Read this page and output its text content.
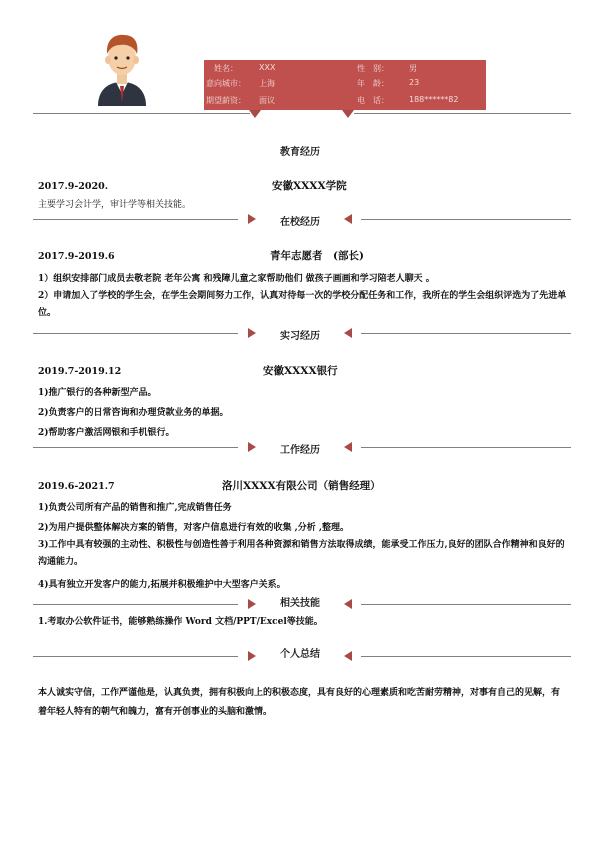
姓名：	XXX	性　别：	男
意向城市： 上海	年　龄：	23
期望薪资： 面议	电　话：	188******82
教育经历
2017.9-2020.	安徽XXXX学院
主要学习会计学，审计学等相关技能。
在校经历
2017.9-2019.6	青年志愿者　(部长)
1）组织安排部门成员去敬老院 老年公寓 和残障儿童之家帮助他们 做孩子画画和学习陪老人聊天 。
2）申请加入了学校的学生会，在学生会期间努力工作，认真对待每一次的学校分配任务和工作，我所在的学生会组织评选为了先进单位。
实习经历
2019.7-2019.12	安徽XXXX银行
1)推广银行的各种新型产品。
2)负责客户的日常咨询和办理贷款业务的单据。
2)帮助客户激活网银和手机银行。
工作经历
2019.6-2021.7	洛川XXXX有限公司（销售经理）
1)负责公司所有产品的销售和推广,完成销售任务
2)为用户提供整体解决方案的销售，对客户信息进行有效的收集 ,分析 ,整理。
3)工作中具有较强的主动性、积极性与创造性善于利用各种资源和销售方法取得成绩，能承受工作压力,良好的团队合作精神和良好的沟通能力。
4)具有独立开发客户的能力,拓展并积极维护中大型客户关系。
相关技能
1.考取办公软件证书，能够熟练操作 Word 文档/PPT/Excel等技能。
个人总结
本人诚实守信，工作严谨他是，认真负责，拥有积极向上的积极态度，具有良好的心理素质和吃苦耐劳精神，对事有自己的见解，有着年轻人特有的朝气和魄力，富有开创事业的头脑和激情。
